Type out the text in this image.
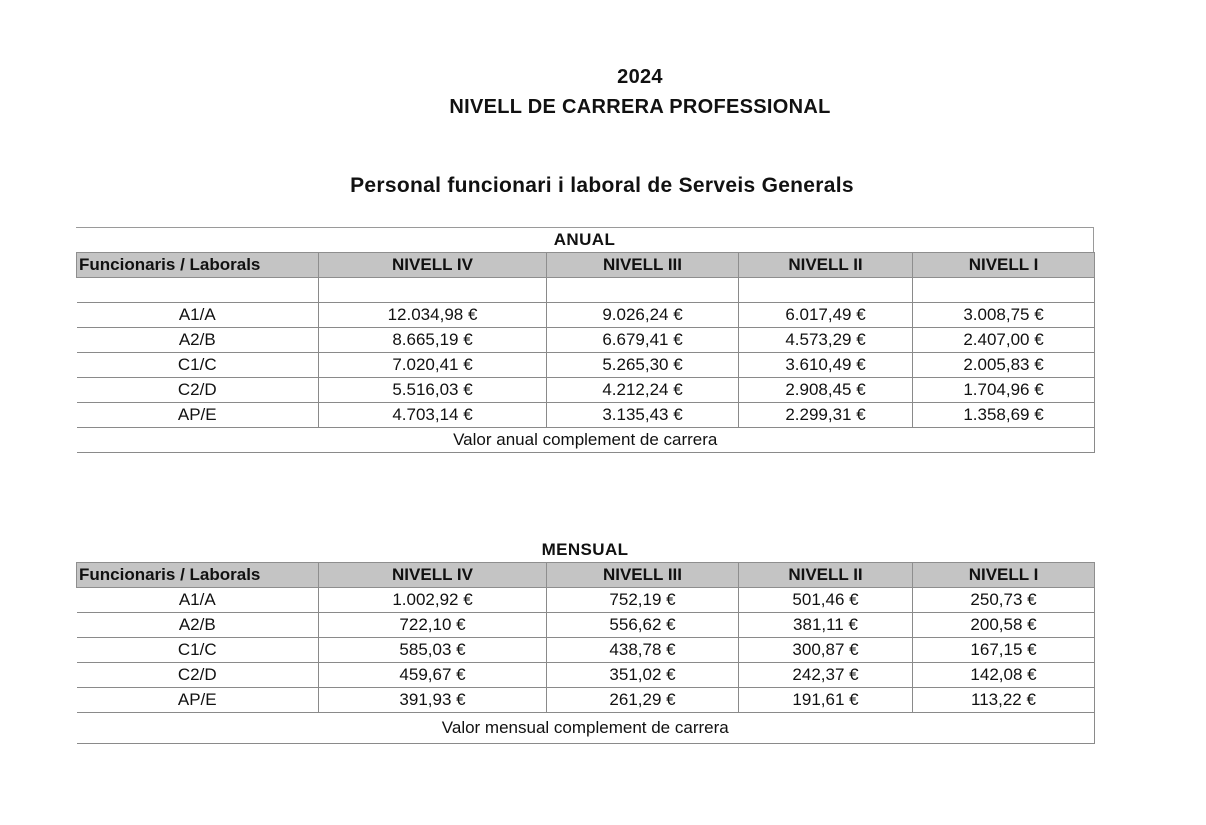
2024
NIVELL DE CARRERA PROFESSIONAL
Personal funcionari i laboral de Serveis Generals
ANUAL
Funcionaris / Laborals	NIVELL IV	NIVELL III	NIVELL II	NIVELL I

A1/A	12.034,98 €	9.026,24 €	6.017,49 €	3.008,75 €
A2/B	8.665,19 €	6.679,41 €	4.573,29 €	2.407,00 €
C1/C	7.020,41 €	5.265,30 €	3.610,49 €	2.005,83 €
C2/D	5.516,03 €	4.212,24 €	2.908,45 €	1.704,96 €
AP/E	4.703,14 €	3.135,43 €	2.299,31 €	1.358,69 €
Valor anual complement de carrera				
MENSUAL
Funcionaris / Laborals	NIVELL IV	NIVELL III	NIVELL II	NIVELL I
A1/A	1.002,92 €	752,19 €	501,46 €	250,73 €
A2/B	722,10 €	556,62 €	381,11 €	200,58 €
C1/C	585,03 €	438,78 €	300,87 €	167,15 €
C2/D	459,67 €	351,02 €	242,37 €	142,08 €
AP/E	391,93 €	261,29 €	191,61 €	113,22 €
Valor mensual complement de carrera				
